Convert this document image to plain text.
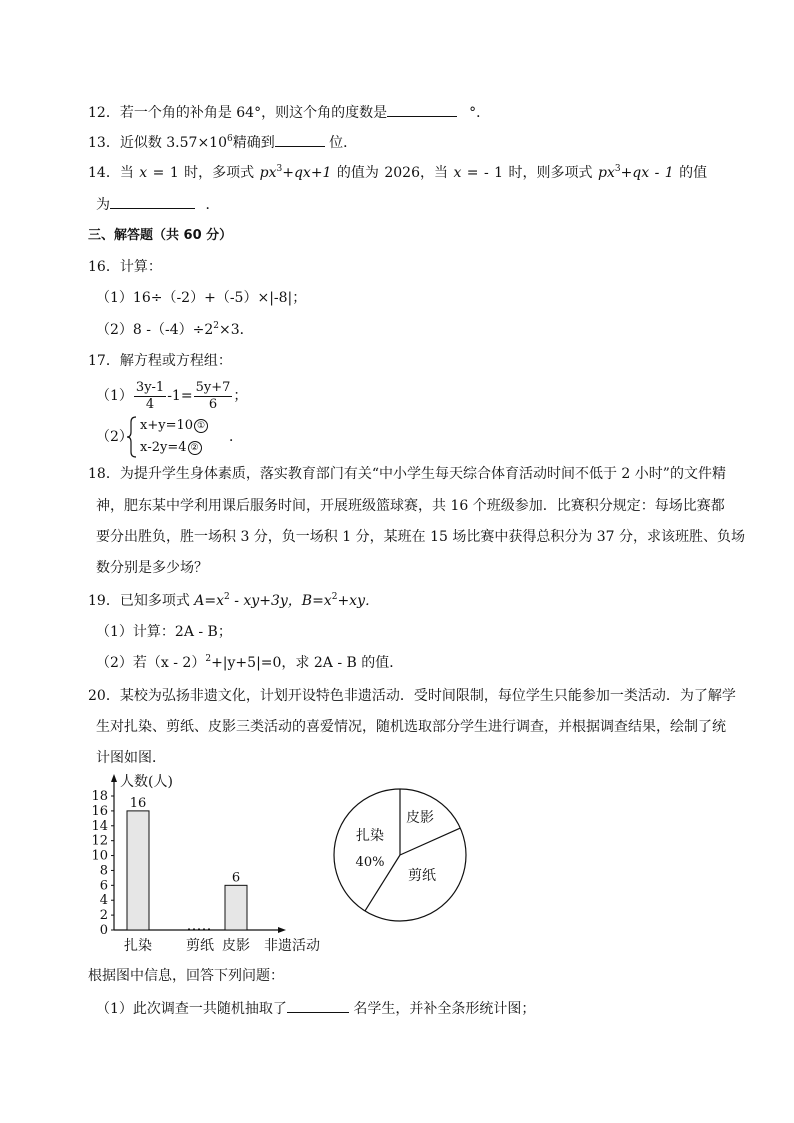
12．若一个角的补角是 64°，则这个角的度数是	°．
13．近似数 $3.57\times 10^6$精确到	位．
14．当 x = 1 时，多项式 $px^3+qx+1$ 的值为 2026，当 x = ‐ 1 时，则多项式 $px^3+qx$ ‐ 1 的值
为	．
三、解答题（共 60 分）
16．计算：
（1）16÷（‐2）+（‐5）×|‐8|；
（2）8 $‐(‐4)\div 2^2\times 3$．
17．解方程或方程组：
$(1) \frac{3y‐1}{4}$ ‐1= $\frac{5y+7}{6}$ ；
（2）
x+y=10 ①
x‐2y=4 ②
．
18．为提升学生身体素质，落实教育部门有关“中小学生每天综合体育活动时间不低于 2 小时”的文件精
神，肥东某中学利用课后服务时间，开展班级篮球赛，共 16 个班级参加．比赛积分规定：每场比赛都
要分出胜负，胜一场积 3 分，负一场积 1 分，某班在 15 场比赛中获得总积分为 37 分，求该班胜、负场
数分别是多少场？
19．已知多项式 $A=x^2$ ‐ xy+3y，$B=x^2+xy$．
（1）计算：2A ‐ B；
（2）若（x ‐ 2）$^2$+|y+5|=0，求 2A ‐ B 的值．
20．某校为弘扬非遗文化，计划开设特色非遗活动．受时间限制，每位学生只能参加一类活动．为了解学
生对扎染、剪纸、皮影三类活动的喜爱情况，随机选取部分学生进行调查，并根据调查结果，绘制了统
计图如图．
人数(人)
非遗活动
0
2
4
6
8
10
12
14
16
18
扎染
16
剪纸 皮影
6
扎染
40%
剪纸
皮影
根据图中信息，回答下列问题：
（1）此次调查一共随机抽取了	名学生，并补全条形统计图；
